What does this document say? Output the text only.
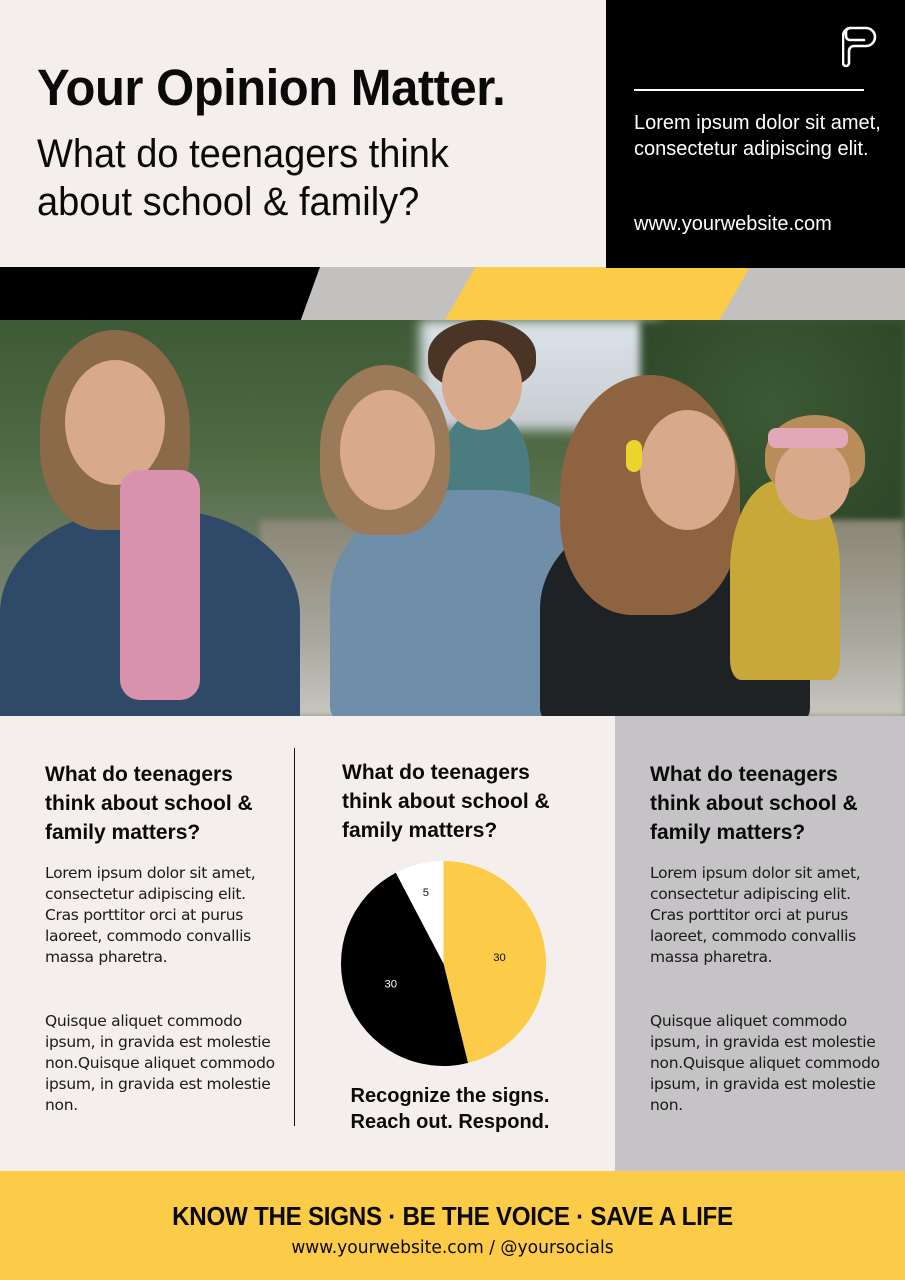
Your Opinion Matter.
What do teenagers think about school & family?
Lorem ipsum dolor sit amet, consectetur adipiscing elit.
www.yourwebsite.com
What do teenagers think about school & family matters?
Lorem ipsum dolor sit amet, consectetur adipiscing elit. Cras porttitor orci at purus laoreet, commodo convallis massa pharetra.
Quisque aliquet commodo ipsum, in gravida est molestie non.Quisque aliquet commodo ipsum, in gravida est molestie non.
What do teenagers think about school & family matters?
30
30
5
Recognize the signs. Reach out. Respond.
What do teenagers think about school & family matters?
Lorem ipsum dolor sit amet, consectetur adipiscing elit. Cras porttitor orci at purus laoreet, commodo convallis massa pharetra.
Quisque aliquet commodo ipsum, in gravida est molestie non.Quisque aliquet commodo ipsum, in gravida est molestie non.
KNOW THE SIGNS · BE THE VOICE · SAVE A LIFE
www.yourwebsite.com / @yoursocials
